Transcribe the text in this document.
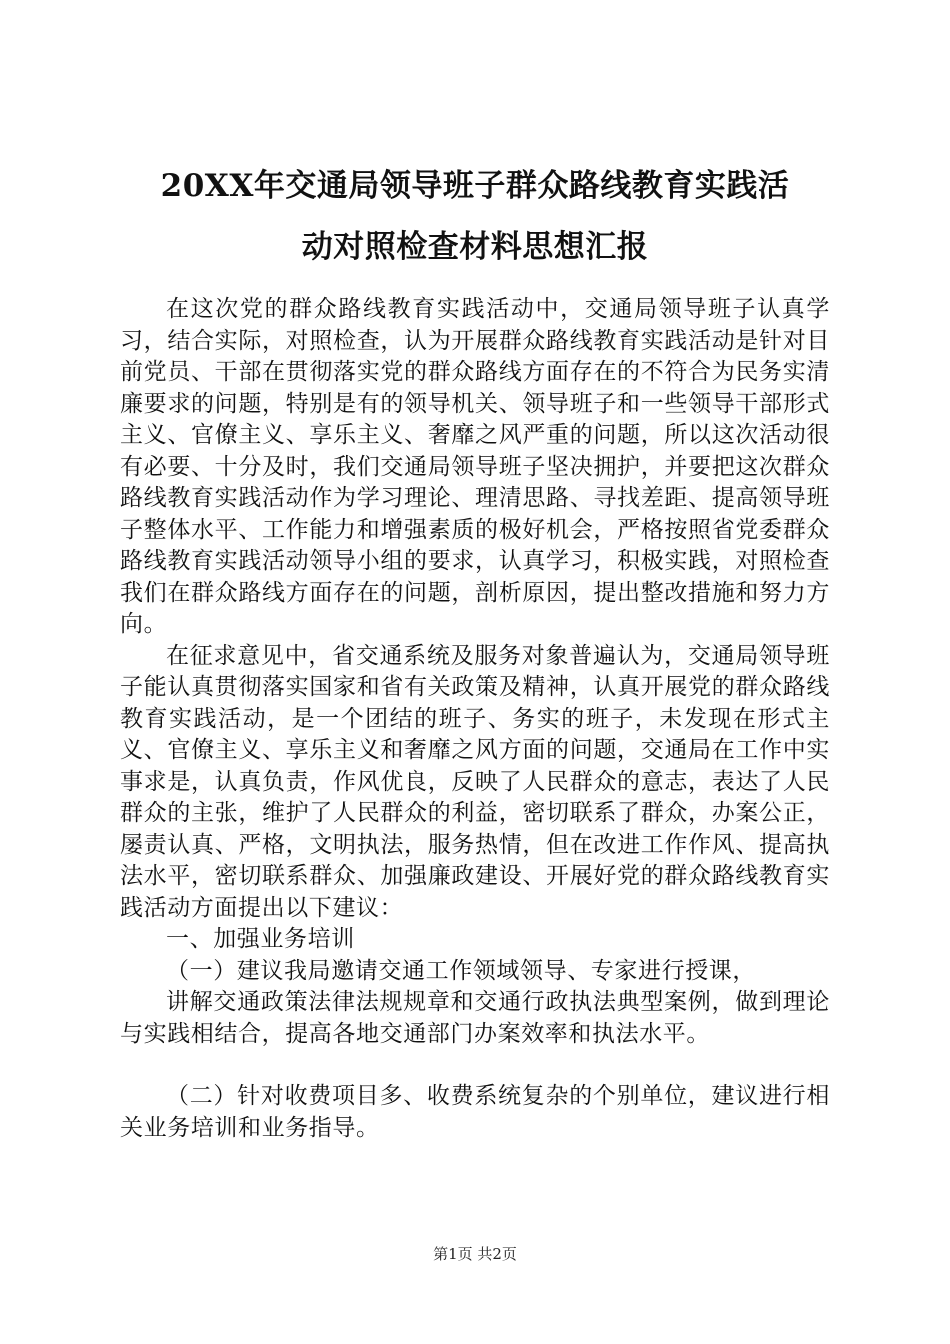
20XX年交通局领导班子群众路线教育实践活
动对照检查材料思想汇报

在这次党的群众路线教育实践活动中，交通局领导班子认真学习，结合实际，对照检查，认为开展群众路线教育实践活动是针对目前党员、干部在贯彻落实党的群众路线方面存在的不符合为民务实清廉要求的问题，特别是有的领导机关、领导班子和一些领导干部形式主义、官僚主义、享乐主义、奢靡之风严重的问题，所以这次活动很有必要、十分及时，我们交通局领导班子坚决拥护，并要把这次群众路线教育实践活动作为学习理论、理清思路、寻找差距、提高领导班子整体水平、工作能力和增强素质的极好机会，严格按照省党委群众路线教育实践活动领导小组的要求，认真学习，积极实践，对照检查我们在群众路线方面存在的问题，剖析原因，提出整改措施和努力方向。

在征求意见中，省交通系统及服务对象普遍认为，交通局领导班子能认真贯彻落实国家和省有关政策及精神，认真开展党的群众路线教育实践活动，是一个团结的班子、务实的班子，未发现在形式主义、官僚主义、享乐主义和奢靡之风方面的问题，交通局在工作中实事求是，认真负责，作风优良，反映了人民群众的意志，表达了人民群众的主张，维护了人民群众的利益，密切联系了群众，办案公正，屡责认真、严格，文明执法，服务热情，但在改进工作作风、提高执法水平，密切联系群众、加强廉政建设、开展好党的群众路线教育实践活动方面提出以下建议：

一、加强业务培训

（一）建议我局邀请交通工作领域领导、专家进行授课，

讲解交通政策法律法规规章和交通行政执法典型案例，做到理论与实践相结合，提高各地交通部门办案效率和执法水平。

（二）针对收费项目多、收费系统复杂的个别单位，建议进行相关业务培训和业务指导。

第1页 共2页
